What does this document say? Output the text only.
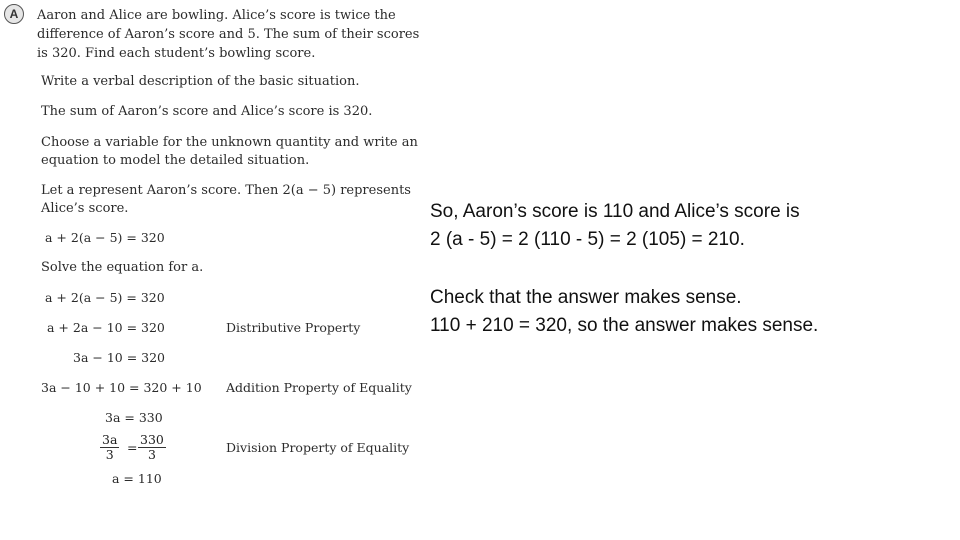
A	Aaron and Alice are bowling. Alice’s score is twice the
difference of Aaron’s score and 5. The sum of their scores
is 320. Find each student’s bowling score.
Write a verbal description of the basic situation.
The sum of Aaron’s score and Alice’s score is 320.
Choose a variable for the unknown quantity and write an
equation to model the detailed situation.
Let a represent Aaron’s score. Then 2(a − 5) represents
Alice’s score.
a + 2(a − 5) = 320
Solve the equation for a.
a + 2(a − 5) = 320
a + 2a − 10 = 320	Distributive Property
3a − 10 = 320
3a − 10 + 10 = 320 + 10 Addition Property of Equality
3a = 330
$\frac{3a}{3} = \frac{330}{3}$	Division Property of Equality
a = 110
So, Aaron’s score is 110 and Alice’s score is
2 (a - 5) = 2 (110 - 5) = 2 (105) = 210.
Check that the answer makes sense.
110 + 210 = 320, so the answer makes sense.
